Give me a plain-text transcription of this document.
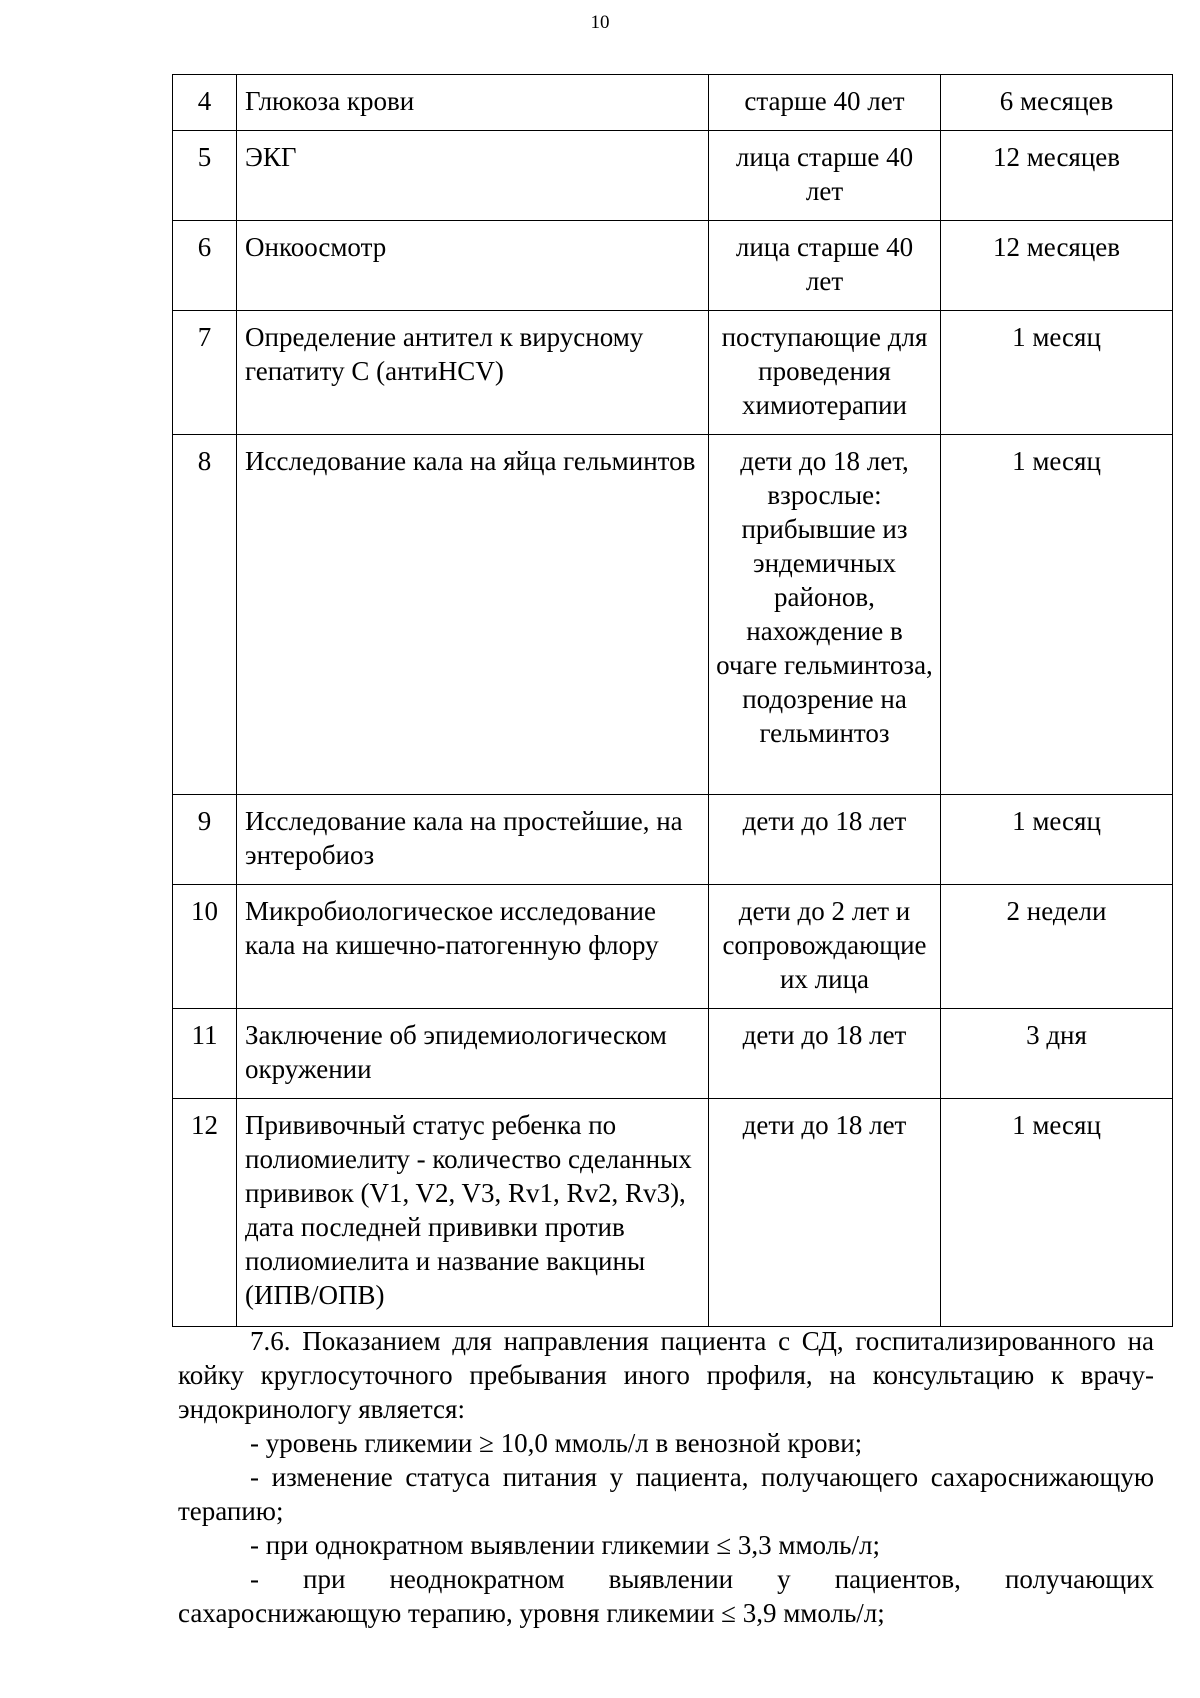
10
4	Глюкоза крови	старше 40 лет	6 месяцев
5	ЭКГ	лица старше 40 лет	12 месяцев
6	Онкоосмотр	лица старше 40 лет	12 месяцев
7	Определение антител к вирусному гепатиту С (антиHCV)	поступающие для проведения химиотерапии	1 месяц
8	Исследование кала на яйца гельминтов	дети до 18 лет, взрослые: прибывшие из эндемичных районов, нахождение в очаге гельминтоза, подозрение на гельминтоз	1 месяц
9	Исследование кала на простейшие, на энтеробиоз	дети до 18 лет	1 месяц
10	Микробиологическое исследование кала на кишечно-патогенную флору	дети до 2 лет и сопровождающие их лица	2 недели
11	Заключение об эпидемиологическом окружении	дети до 18 лет	3 дня
12	Прививочный статус ребенка по полиомиелиту - количество сделанных прививок (V1, V2, V3, Rv1, Rv2, Rv3), дата последней прививки против полиомиелита и название вакцины (ИПВ/ОПВ)	дети до 18 лет	1 месяц

7.6. Показанием для направления пациента с СД, госпитализированного на койку круглосуточного пребывания иного профиля, на консультацию к врачу-эндокринологу является:

- уровень гликемии ≥ 10,0 ммоль/л в венозной крови;

- изменение статуса питания у пациента, получающего сахароснижающую терапию;

- при однократном выявлении гликемии ≤ 3,3 ммоль/л;

- при неоднократном выявлении у пациентов, получающих сахароснижающую терапию, уровня гликемии ≤ 3,9 ммоль/л;
